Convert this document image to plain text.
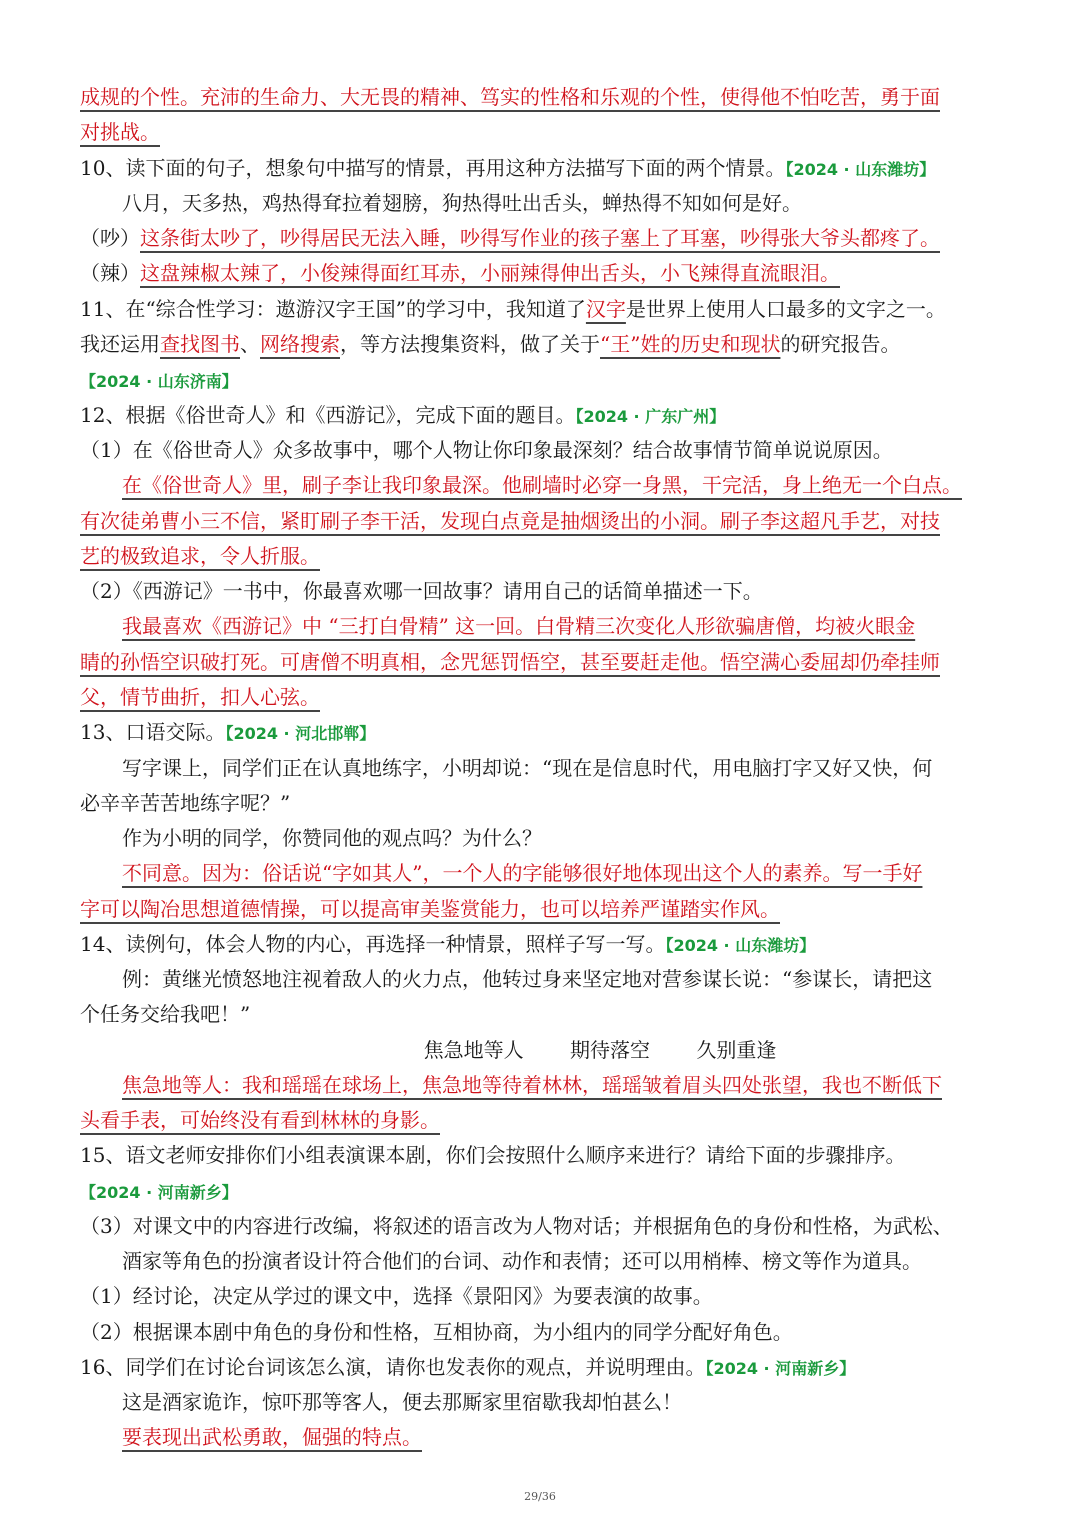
成规的个性。充沛的生命力、大无畏的精神、笃实的性格和乐观的个性，使得他不怕吃苦，勇于面
对挑战。
10、读下面的句子，想象句中描写的情景，再用这种方法描写下面的两个情景。【2024 · 山东潍坊】
八月，天多热，鸡热得耷拉着翅膀，狗热得吐出舌头，蝉热得不知如何是好。
（吵）这条街太吵了，吵得居民无法入睡，吵得写作业的孩子塞上了耳塞，吵得张大爷头都疼了。
（辣）这盘辣椒太辣了，小俊辣得面红耳赤，小丽辣得伸出舌头，小飞辣得直流眼泪。
11、在“综合性学习：遨游汉字王国”的学习中，我知道了汉字是世界上使用人口最多的文字之一。
我还运用查找图书、网络搜索，等方法搜集资料，做了关于“王”姓的历史和现状的研究报告。
【2024 · 山东济南】
12、根据《俗世奇人》和《西游记》，完成下面的题目。【2024 · 广东广州】
（1）在《俗世奇人》众多故事中，哪个人物让你印象最深刻？结合故事情节简单说说原因。
在《俗世奇人》里，刷子李让我印象最深。他刷墙时必穿一身黑，干完活，身上绝无一个白点。
有次徒弟曹小三不信，紧盯刷子李干活，发现白点竟是抽烟烫出的小洞。刷子李这超凡手艺，对技
艺的极致追求，令人折服。
（2）《西游记》一书中，你最喜欢哪一回故事？请用自己的话简单描述一下。
我最喜欢《西游记》中 “三打白骨精” 这一回。白骨精三次变化人形欲骗唐僧，均被火眼金
睛的孙悟空识破打死。可唐僧不明真相，念咒惩罚悟空，甚至要赶走他。悟空满心委屈却仍牵挂师
父，情节曲折，扣人心弦。
13、口语交际。【2024 · 河北邯郸】
写字课上，同学们正在认真地练字，小明却说：“现在是信息时代，用电脑打字又好又快，何
必辛辛苦苦地练字呢？”
作为小明的同学，你赞同他的观点吗？为什么？
不同意。因为：俗话说“字如其人”，一个人的字能够很好地体现出这个人的素养。写一手好
字可以陶冶思想道德情操，可以提高审美鉴赏能力，也可以培养严谨踏实作风。
14、读例句，体会人物的内心，再选择一种情景，照样子写一写。【2024 · 山东潍坊】
例：黄继光愤怒地注视着敌人的火力点，他转过身来坚定地对营参谋长说：“参谋长，请把这
个任务交给我吧！”
焦急地等人 期待落空 久别重逢
焦急地等人：我和瑶瑶在球场上，焦急地等待着林林，瑶瑶皱着眉头四处张望，我也不断低下
头看手表，可始终没有看到林林的身影。
15、语文老师安排你们小组表演课本剧，你们会按照什么顺序来进行？请给下面的步骤排序。
【2024 · 河南新乡】
（3）对课文中的内容进行改编，将叙述的语言改为人物对话；并根据角色的身份和性格，为武松、
酒家等角色的扮演者设计符合他们的台词、动作和表情；还可以用梢棒、榜文等作为道具。
（1）经讨论，决定从学过的课文中，选择《景阳冈》为要表演的故事。
（2）根据课本剧中角色的身份和性格，互相协商，为小组内的同学分配好角色。
16、同学们在讨论台词该怎么演，请你也发表你的观点，并说明理由。【2024 · 河南新乡】
这是酒家诡诈，惊吓那等客人，便去那厮家里宿歇我却怕甚么！
要表现出武松勇敢，倔强的特点。
29/36
